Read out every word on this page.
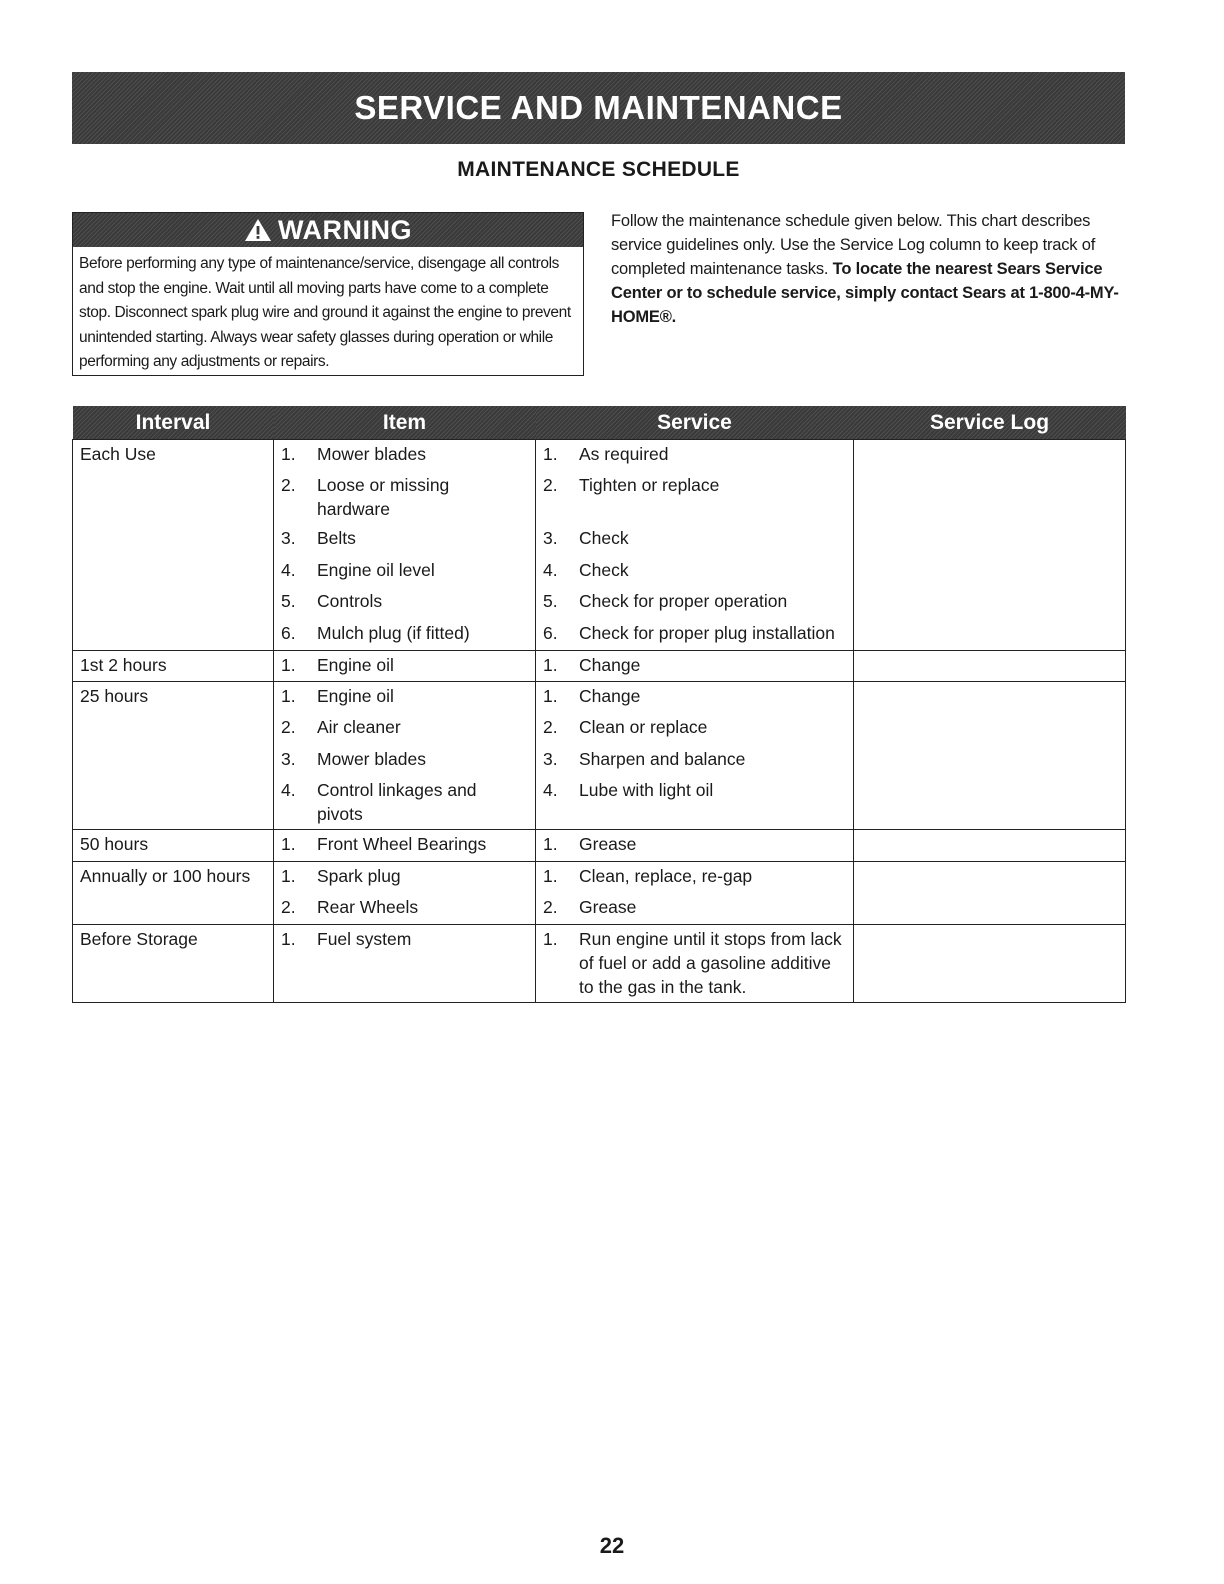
SERVICE AND MAINTENANCE
MAINTENANCE SCHEDULE
WARNING
Before performing any type of maintenance/service, disengage all controls and stop the engine. Wait until all moving parts have come to a complete stop. Disconnect spark plug wire and ground it against the engine to prevent unintended starting. Always wear safety glasses during operation or while performing any adjustments or repairs.
Follow the maintenance schedule given below. This chart describes service guidelines only. Use the Service Log column to keep track of completed maintenance tasks. To locate the nearest Sears Service Center or to schedule service, simply contact Sears at 1-800-4-MY-HOME®.
Interval	Item	Service	Service Log
Each Use	1. Mower blades	1. As required	
	2. Loose or missing hardware	2. Tighten or replace	
	3. Belts	3. Check	
	4. Engine oil level	4. Check	
	5. Controls	5. Check for proper operation	
	6. Mulch plug (if fitted)	6. Check for proper plug installation	
1st 2 hours	1. Engine oil	1. Change	
25 hours	1. Engine oil	1. Change	
	2. Air cleaner	2. Clean or replace	
	3. Mower blades	3. Sharpen and balance	
	4. Control linkages and pivots	4. Lube with light oil	
50 hours	1. Front Wheel Bearings	1. Grease	
Annually or 100 hours	1. Spark plug	1. Clean, replace, re-gap	
	2. Rear Wheels	2. Grease	
Before Storage	1. Fuel system	1. Run engine until it stops from lack of fuel or add a gasoline additive to the gas in the tank.	
22
